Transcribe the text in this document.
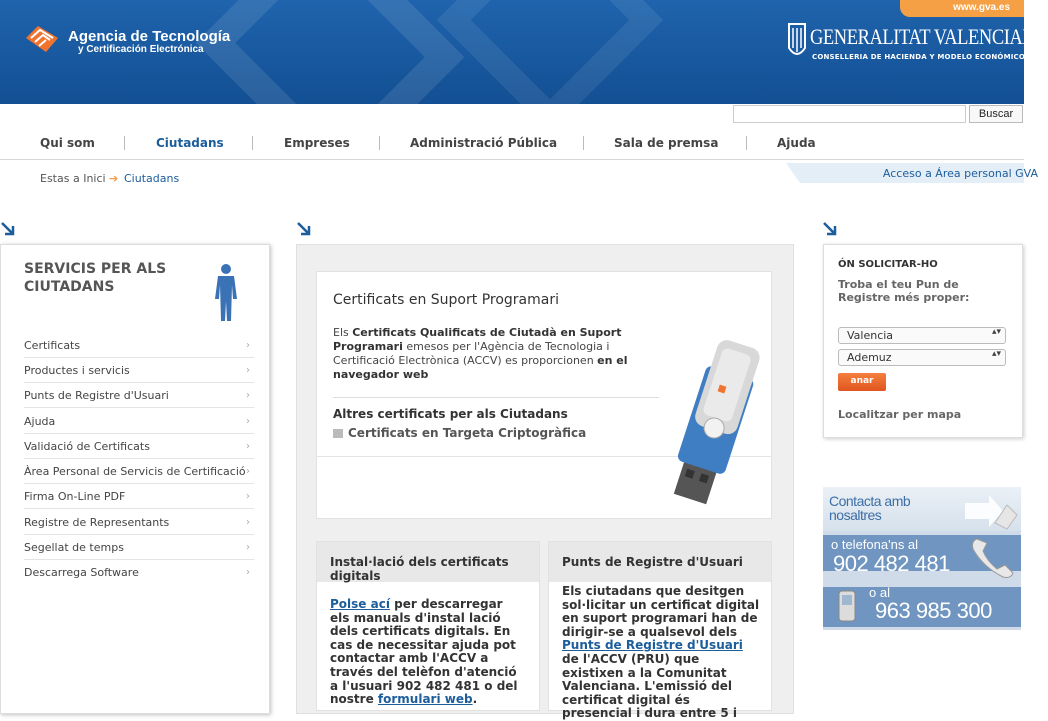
Agencia de Tecnología
y Certificación Electrónica
www.gva.es
GENERALITAT VALENCIANA
CONSELLERIA DE HACIENDA Y MODELO ECONÓMICO
Buscar
Qui som	Ciutadans	Empreses	Administració Pública	Sala de premsa	Ajuda
Estas a Inici ➔ Ciutadans	Acceso a Área personal GVA
SERVICIS PER ALS CIUTADANS
Certificats	›
Productes i servicis	›
Punts de Registre d'Usuari	›
Ajuda	›
Validació de Certificats	›
Àrea Personal de Servicis de Certificació ›
Firma On-Line PDF	›
Registre de Representants	›
Segellat de temps	›
Descarrega Software	›
Certificats en Suport Programari
Els Certificats Qualificats de Ciutadà en Suport Programari emesos per l'Agència de Tecnologia i Certificació Electrònica (ACCV) es proporcionen en el navegador web
Altres certificats per als Ciutadans
Certificats en Targeta Criptogràfica
Instal·lació dels certificats digitals
Polse ací per descarregar els manuals d'instal lació dels certificats digitals. En cas de necessitar ajuda pot contactar amb l'ACCV a través del telèfon d'atenció a l'usuari 902 482 481 o del nostre formulari web.
Punts de Registre d'Usuari
Els ciutadans que desitgen sol·licitar un certificat digital en suport programari han de dirigir-se a qualsevol dels Punts de Registre d'Usuari de l'ACCV (PRU) que existixen a la Comunitat Valenciana. L'emissió del certificat digital és presencial i dura entre 5 i
ÓN SOLICITAR-HO
Troba el teu Pun de Registre més proper:
Valencia	▴▾
Ademuz	▴▾
anar
Localitzar per mapa
Contacta amb nosaltres
o telefona'ns al
902 482 481
o al
963 985 300
